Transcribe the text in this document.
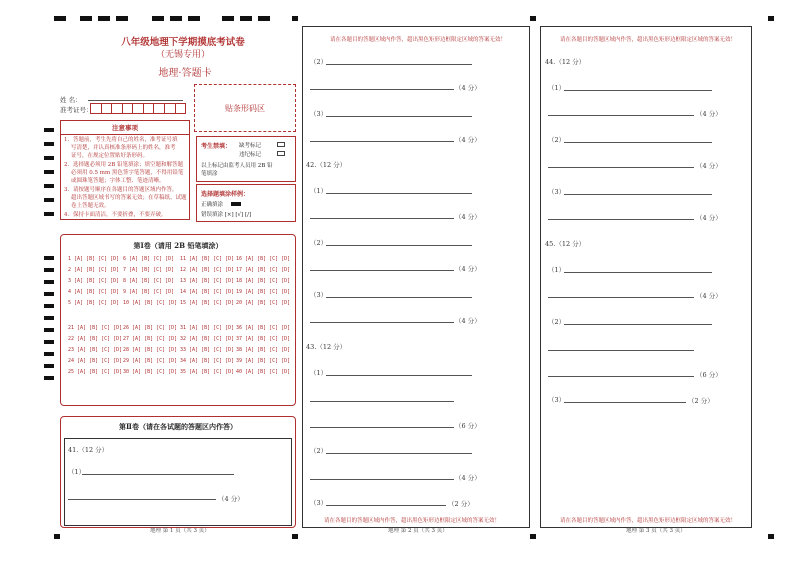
八年级地理下学期摸底考试卷
（无锡专用）
地理·答题卡
姓 名：
准考证号：	贴条形码区
注意事项
1．答题前，考生先将自己的姓名，准考证号填
写清楚，并认真核准条形码上的姓名，准考
证号，在规定位置贴好条形码。
2．选择题必须用 2B 铅笔填涂；填空题和解答题
必须用 0.5 mm 黑色签字笔答题，不得用铅笔
或圆珠笔答题；字体工整、笔迹清晰。
3．请按题号顺序在各题目的答题区域内作答，
超出答题区域书写的答案无效；在草稿纸、试题
卷上答题无效。
4．保持卡面清洁，不要折叠，不要弄破。
考生禁填： 缺考标记
违纪标记
以上标记由监考人员用 2B 铅
笔填涂
选择题填涂样例：
正确填涂
错误填涂 [×] [√] [/]
第Ⅰ卷（请用 2B 铅笔填涂）
1 [A] [B] [C] [D] 6 [A] [B] [C] [D] 11 [A] [B] [C] [D] 16 [A] [B] [C] [D]
2 [A] [B] [C] [D] 7 [A] [B] [C] [D] 12 [A] [B] [C] [D] 17 [A] [B] [C] [D]
3 [A] [B] [C] [D] 8 [A] [B] [C] [D] 13 [A] [B] [C] [D] 18 [A] [B] [C] [D]
4 [A] [B] [C] [D] 9 [A] [B] [C] [D] 14 [A] [B] [C] [D] 19 [A] [B] [C] [D]
5 [A] [B] [C] [D] 10 [A] [B] [C] [D] 15 [A] [B] [C] [D] 20 [A] [B] [C] [D]
21 [A] [B] [C] [D] 26 [A] [B] [C] [D] 31 [A] [B] [C] [D] 36 [A] [B] [C] [D]
22 [A] [B] [C] [D] 27 [A] [B] [C] [D] 32 [A] [B] [C] [D] 37 [A] [B] [C] [D]
23 [A] [B] [C] [D] 28 [A] [B] [C] [D] 33 [A] [B] [C] [D] 38 [A] [B] [C] [D]
24 [A] [B] [C] [D] 29 [A] [B] [C] [D] 34 [A] [B] [C] [D] 39 [A] [B] [C] [D]
25 [A] [B] [C] [D] 30 [A] [B] [C] [D] 35 [A] [B] [C] [D] 40 [A] [B] [C] [D]
第Ⅱ卷（请在各试题的答题区内作答）
41.（12 分）
（1）
（4 分）
地理 第 1 页（共 3 页）
请在各题目的答题区域内作答，超出黑色矩形边框限定区域的答案无效！
请在各题目的答题区域内作答，超出黑色矩形边框限定区域的答案无效！
地理 第 2 页（共 3 页）
（2）
（4 分）
（3）
（4 分）
42.（12 分）
（1）
（4 分）
（2）
（4 分）
（3）
（4 分）
43.（12 分）
（1）
（6 分）
（2）
（4 分）
（3）	（2 分）
请在各题目的答题区域内作答，超出黑色矩形边框限定区域的答案无效！
请在各题目的答题区域内作答，超出黑色矩形边框限定区域的答案无效！
地理 第 3 页（共 3 页）
44.（12 分）
（1）
（4 分）
（2）
（4 分）
（3）
（4 分）
45.（12 分）
（1）
（4 分）
（2）
（6 分）
（3）	（2 分）
